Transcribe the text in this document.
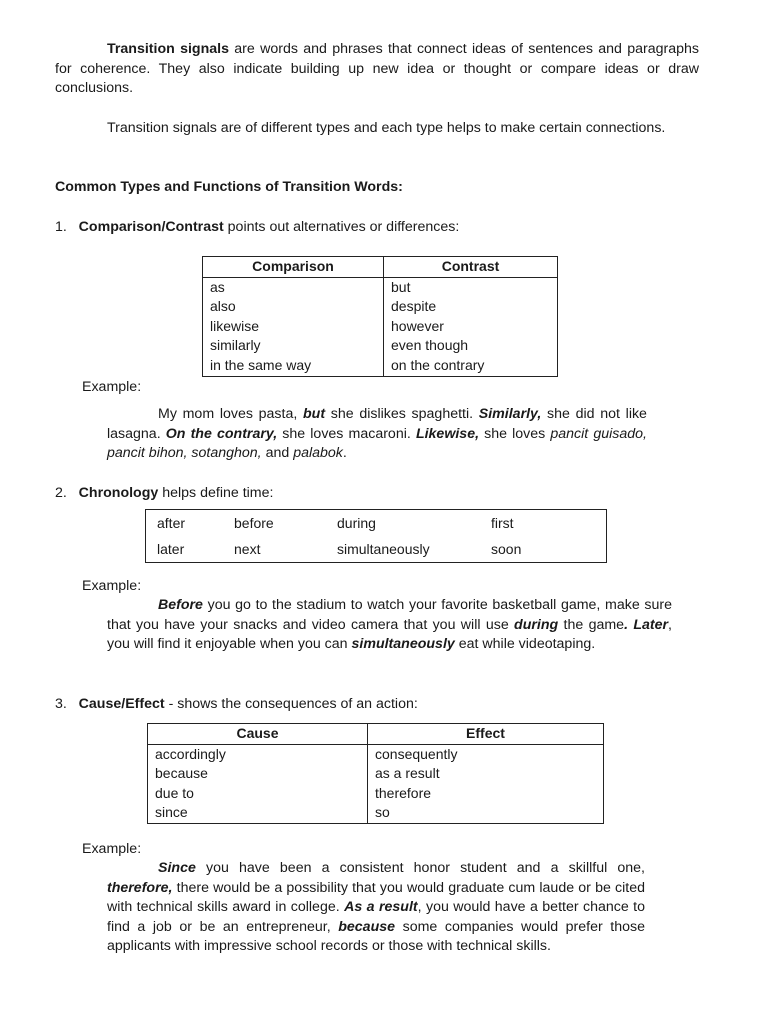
Transition signals are words and phrases that connect ideas of sentences and paragraphs for coherence. They also indicate building up new idea or thought or compare ideas or draw conclusions.
Transition signals are of different types and each type helps to make certain connections.
Common Types and Functions of Transition Words:
1. Comparison/Contrast points out alternatives or differences:
Comparison	Contrast
as	but
also	despite
likewise	however
similarly	even though
in the same way	on the contrary
Example:
My mom loves pasta, but she dislikes spaghetti. Similarly, she did not like lasagna. On the contrary, she loves macaroni. Likewise, she loves pancit guisado, pancit bihon, sotanghon, and palabok.
2. Chronology helps define time:
after	before	during	first
later	next	simultaneously	soon
Example:
Before you go to the stadium to watch your favorite basketball game, make sure that you have your snacks and video camera that you will use during the game. Later, you will find it enjoyable when you can simultaneously eat while videotaping.
3. Cause/Effect - shows the consequences of an action:
Cause	Effect
accordingly	consequently
because	as a result
due to	therefore
since	so
Example:
Since you have been a consistent honor student and a skillful one, therefore, there would be a possibility that you would graduate cum laude or be cited with technical skills award in college. As a result, you would have a better chance to find a job or be an entrepreneur, because some companies would prefer those applicants with impressive school records or those with technical skills.
